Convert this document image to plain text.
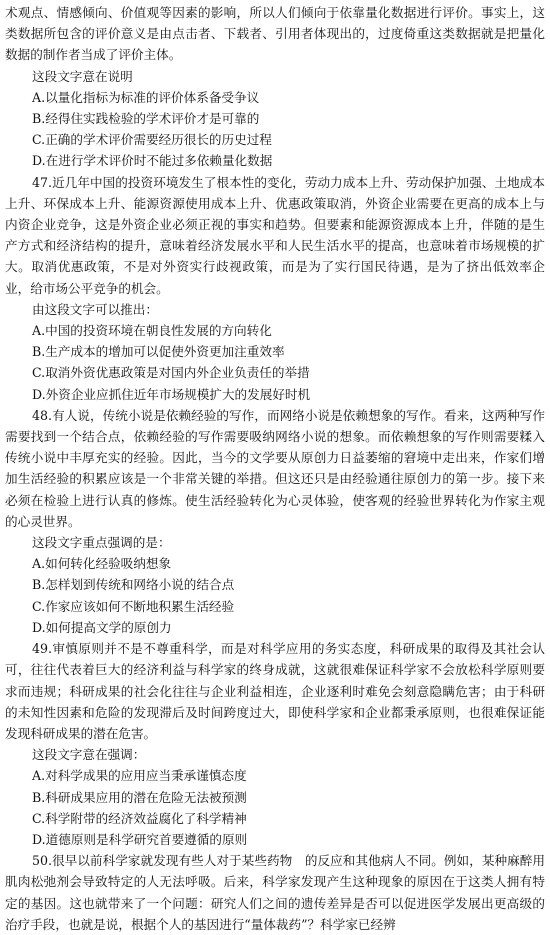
术观点、情感倾向、价值观等因素的影响，所以人们倾向于依靠量化数据进行评价。事实上，这类数据所包含的评价意义是由点击者、下载者、引用者体现出的，过度倚重这类数据就是把量化数据的制作者当成了评价主体。

这段文字意在说明

A.以量化指标为标准的评价体系备受争议

B.经得住实践检验的学术评价才是可靠的

C.正确的学术评价需要经历很长的历史过程

D.在进行学术评价时不能过多依赖量化数据

47.近几年中国的投资环境发生了根本性的变化，劳动力成本上升、劳动保护加强、土地成本上升、环保成本上升、能源资源使用成本上升、优惠政策取消，外资企业需要在更高的成本上与内资企业竞争，这是外资企业必须正视的事实和趋势。但要素和能源资源成本上升，伴随的是生产方式和经济结构的提升，意味着经济发展水平和人民生活水平的提高，也意味着市场规模的扩大。取消优惠政策，不是对外资实行歧视政策，而是为了实行国民待遇，是为了挤出低效率企业，给市场公平竞争的机会。

由这段文字可以推出：

A.中国的投资环境在朝良性发展的方向转化

B.生产成本的增加可以促使外资更加注重效率

C.取消外资优惠政策是对国内外企业负责任的举措

D.外资企业应抓住近年市场规模扩大的发展好时机

48.有人说，传统小说是依赖经验的写作，而网络小说是依赖想象的写作。看来，这两种写作需要找到一个结合点，依赖经验的写作需要吸纳网络小说的想象。而依赖想象的写作则需要糅入传统小说中丰厚充实的经验。因此，当今的文学要从原创力日益萎缩的窘境中走出来，作家们增加生活经验的积累应该是一个非常关键的举措。但这还只是由经验通往原创力的第一步。接下来必须在检验上进行认真的修炼。使生活经验转化为心灵体验，使客观的经验世界转化为作家主观的心灵世界。

这段文字重点强调的是：

A.如何转化经验吸纳想象

B.怎样划到传统和网络小说的结合点

C.作家应该如何不断地积累生活经验

D.如何提高文学的原创力

49.审慎原则并不是不尊重科学，而是对科学应用的务实态度，科研成果的取得及其社会认可，往往代表着巨大的经济利益与科学家的终身成就，这就很难保证科学家不会放松科学原则要求而违规；科研成果的社会化往往与企业利益相连，企业逐利时难免会刻意隐瞒危害；由于科研的未知性因素和危险的发现滞后及时间跨度过大，即使科学家和企业都秉承原则，也很难保证能发现科研成果的潜在危害。

这段文字意在强调：

A.对科学成果的应用应当秉承谨慎态度

B.科研成果应用的潜在危险无法被预测

C.科学附带的经济效益腐化了科学精神

D.道德原则是科学研究首要遵循的原则

50.很早以前科学家就发现有些人对于某些药物　的反应和其他病人不同。例如，某种麻醉用肌肉松弛剂会导致特定的人无法呼吸。后来，科学家发现产生这种现象的原因在于这类人拥有特定的基因。这也就带来了一个问题：研究人们之间的遗传差异是否可以促进医学发展出更高级的治疗手段，也就是说，根据个人的基因进行“量体裁药”？科学家已经辨
